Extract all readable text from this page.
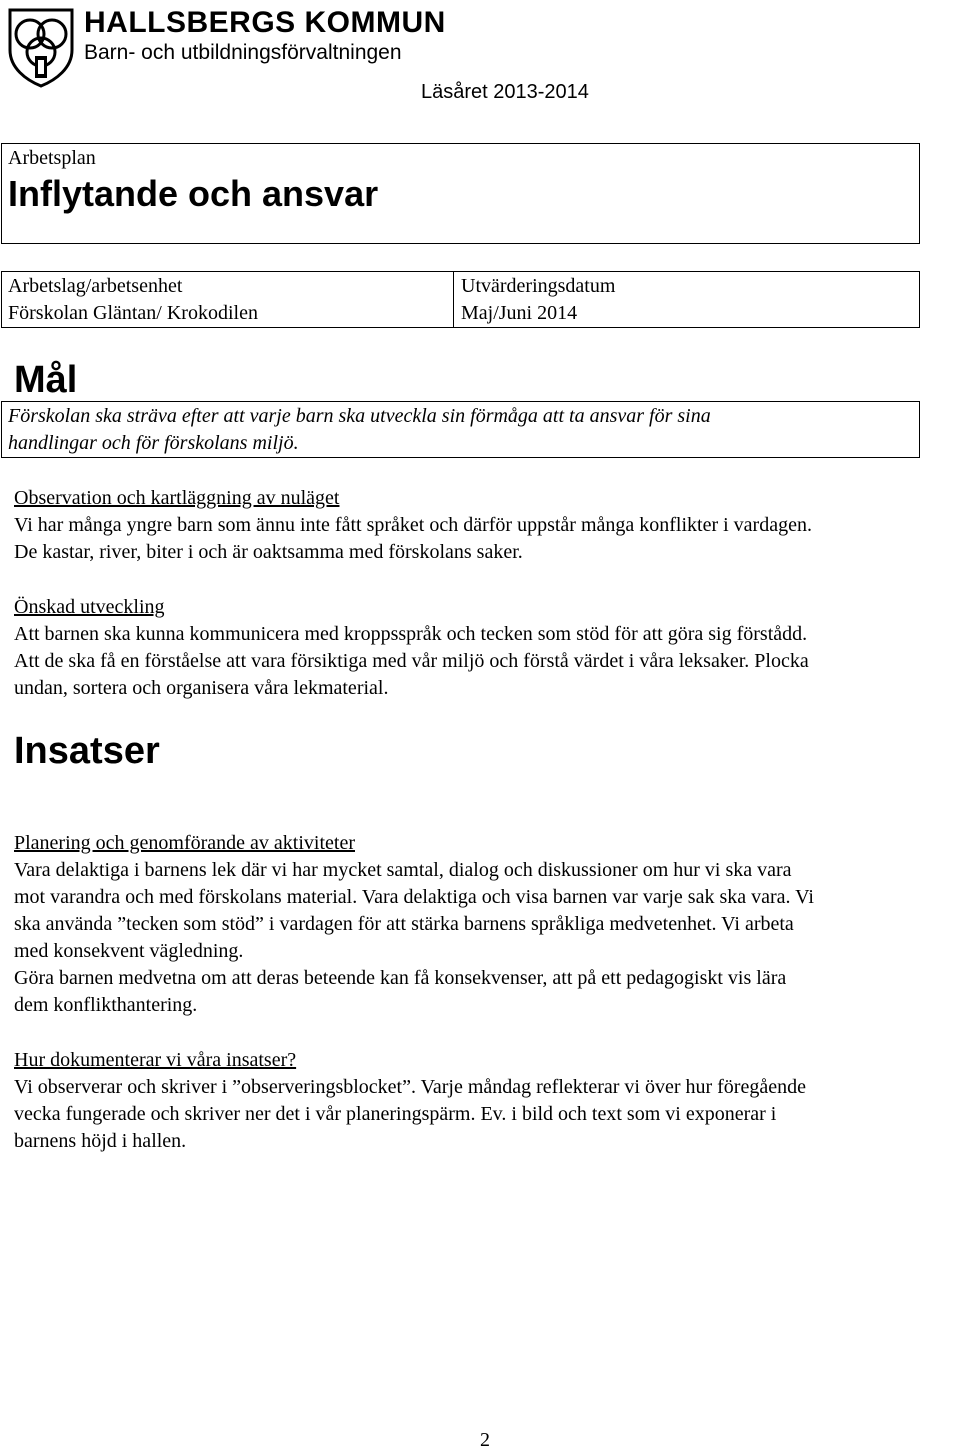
HALLSBERGS KOMMUN
Barn- och utbildningsförvaltningen
Läsåret 2013-2014
Arbetsplan
Inflytande och ansvar
Arbetslag/arbetsenhet
Förskolan Gläntan/ Krokodilen
Utvärderingsdatum
Maj/Juni 2014
Mål
Förskolan ska sträva efter att varje barn ska utveckla sin förmåga att ta ansvar för sina
handlingar och för förskolans miljö.
Observation och kartläggning av nuläget

Vi har många yngre barn som ännu inte fått språket och därför uppstår många konflikter i vardagen.

De kastar, river, biter i och är oaktsamma med förskolans saker.

Önskad utveckling

Att barnen ska kunna kommunicera med kroppsspråk och tecken som stöd för att göra sig förstådd.

Att de ska få en förståelse att vara försiktiga med vår miljö och förstå värdet i våra leksaker. Plocka

undan, sortera och organisera våra lekmaterial.

Insatser
Planering och genomförande av aktiviteter

Vara delaktiga i barnens lek där vi har mycket samtal, dialog och diskussioner om hur vi ska vara

mot varandra och med förskolans material. Vara delaktiga och visa barnen var varje sak ska vara. Vi

ska använda ”tecken som stöd” i vardagen för att stärka barnens språkliga medvetenhet. Vi arbeta

med konsekvent vägledning.

Göra barnen medvetna om att deras beteende kan få konsekvenser, att på ett pedagogiskt vis lära

dem konflikthantering.

Hur dokumenterar vi våra insatser?

Vi observerar och skriver i ”observeringsblocket”. Varje måndag reflekterar vi över hur föregående

vecka fungerade och skriver ner det i vår planeringspärm. Ev. i bild och text som vi exponerar i

barnens höjd i hallen.

2
